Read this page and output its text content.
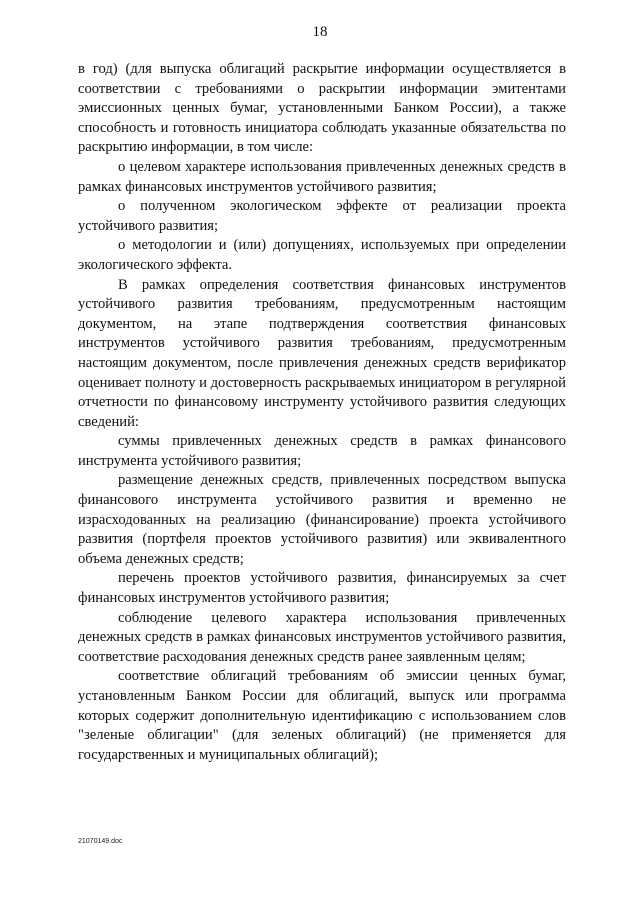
18

в год) (для выпуска облигаций раскрытие информации осуществляется в соответствии с требованиями о раскрытии информации эмитентами эмиссионных ценных бумаг, установленными Банком России), а также способность и готовность инициатора соблюдать указанные обязательства по раскрытию информации, в том числе:

о целевом характере использования привлеченных денежных средств в рамках финансовых инструментов устойчивого развития;

о полученном экологическом эффекте от реализации проекта устойчивого развития;

о методологии и (или) допущениях, используемых при определении экологического эффекта.

В рамках определения соответствия финансовых инструментов устойчивого развития требованиям, предусмотренным настоящим документом, на этапе подтверждения соответствия финансовых инструментов устойчивого развития требованиям, предусмотренным настоящим документом, после привлечения денежных средств верификатор оценивает полноту и достоверность раскрываемых инициатором в регулярной отчетности по финансовому инструменту устойчивого развития следующих сведений:

суммы привлеченных денежных средств в рамках финансового инструмента устойчивого развития;

размещение денежных средств, привлеченных посредством выпуска финансового инструмента устойчивого развития и временно не израсходованных на реализацию (финансирование) проекта устойчивого развития (портфеля проектов устойчивого развития) или эквивалентного объема денежных средств;

перечень проектов устойчивого развития, финансируемых за счет финансовых инструментов устойчивого развития;

соблюдение целевого характера использования привлеченных денежных средств в рамках финансовых инструментов устойчивого развития, соответствие расходования денежных средств ранее заявленным целям;

соответствие облигаций требованиям об эмиссии ценных бумаг, установленным Банком России для облигаций, выпуск или программа которых содержит дополнительную идентификацию с использованием слов "зеленые облигации" (для зеленых облигаций) (не применяется для государственных и муниципальных облигаций);

21070149.doc
